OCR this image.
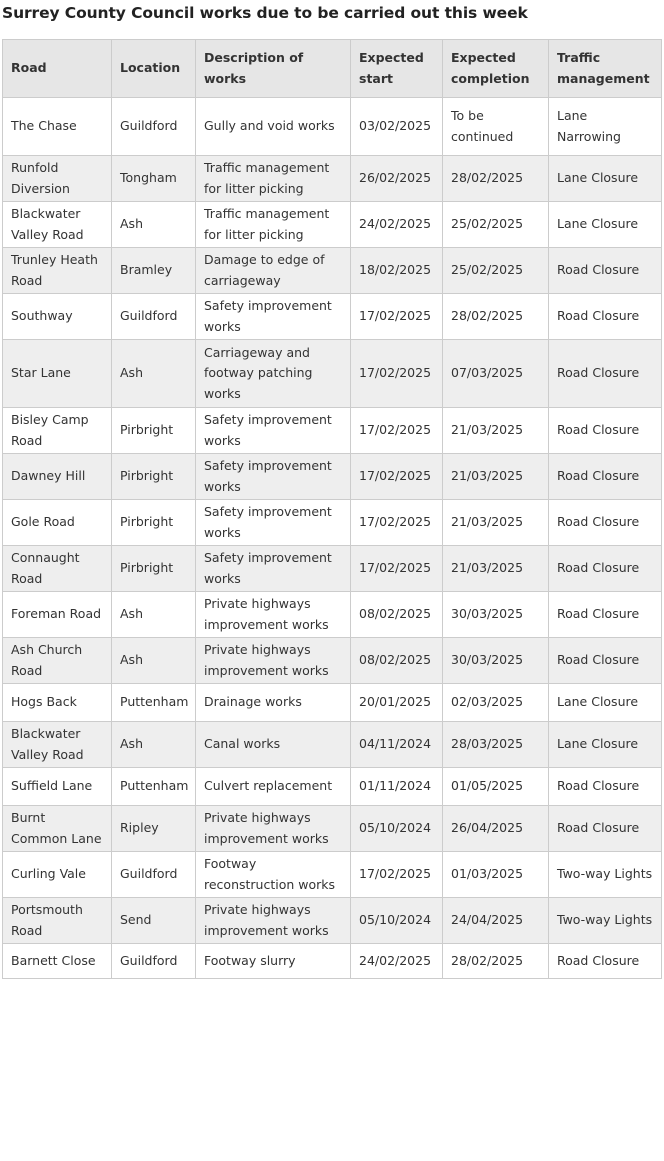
Surrey County Council works due to be carried out this week
Road	Location	Description of works	Expected start	Expected completion	Traffic management
The Chase	Guildford	Gully and void works	03/02/2025	To be continued	Lane Narrowing
Runfold Diversion	Tongham	Traffic management for litter picking	26/02/2025	28/02/2025	Lane Closure
Blackwater Valley Road	Ash	Traffic management for litter picking	24/02/2025	25/02/2025	Lane Closure
Trunley Heath Road	Bramley	Damage to edge of carriageway	18/02/2025	25/02/2025	Road Closure
Southway	Guildford	Safety improvement works	17/02/2025	28/02/2025	Road Closure
Star Lane	Ash	Carriageway and footway patching works	17/02/2025	07/03/2025	Road Closure
Bisley Camp Road	Pirbright	Safety improvement works	17/02/2025	21/03/2025	Road Closure
Dawney Hill	Pirbright	Safety improvement works	17/02/2025	21/03/2025	Road Closure
Gole Road	Pirbright	Safety improvement works	17/02/2025	21/03/2025	Road Closure
Connaught Road	Pirbright	Safety improvement works	17/02/2025	21/03/2025	Road Closure
Foreman Road	Ash	Private highways improvement works	08/02/2025	30/03/2025	Road Closure
Ash Church Road	Ash	Private highways improvement works	08/02/2025	30/03/2025	Road Closure
Hogs Back	Puttenham	Drainage works	20/01/2025	02/03/2025	Lane Closure
Blackwater Valley Road	Ash	Canal works	04/11/2024	28/03/2025	Lane Closure
Suffield Lane	Puttenham	Culvert replacement	01/11/2024	01/05/2025	Road Closure
Burnt Common Lane	Ripley	Private highways improvement works	05/10/2024	26/04/2025	Road Closure
Curling Vale	Guildford	Footway reconstruction works	17/02/2025	01/03/2025	Two-way Lights
Portsmouth Road	Send	Private highways improvement works	05/10/2024	24/04/2025	Two-way Lights
Barnett Close	Guildford	Footway slurry	24/02/2025	28/02/2025	Road Closure
